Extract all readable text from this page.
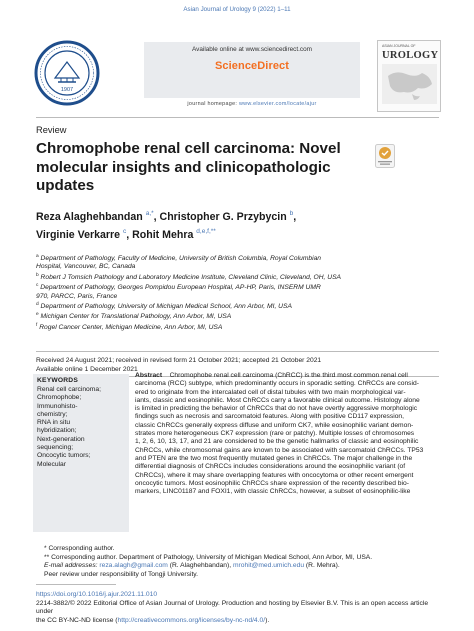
Asian Journal of Urology 9 (2022) 1–11
1907
Available online at www.sciencedirect.com
ScienceDirect
journal homepage: www.elsevier.com/locate/ajur
ASIAN JOURNAL OF
UROLOGY
Review
Chromophobe renal cell carcinoma: Novel
molecular insights and clinicopathologic
updates
Reza Alaghehbandan $^{a,*}$, Christopher G. Przybycin $^b$,
Virginie Verkarre $^c$, Rohit Mehra $^{d,e,f,**}$
$^a$ Department of Pathology, Faculty of Medicine, University of British Columbia, Royal Columbian
Hospital, Vancouver, BC, Canada
$^b$ Robert J Tomsich Pathology and Laboratory Medicine Institute, Cleveland Clinic, Cleveland, OH, USA
$^c$ Department of Pathology, Georges Pompidou European Hospital, AP-HP, Paris, INSERM UMR
970, PARCC, Paris, France
$^d$ Department of Pathology, University of Michigan Medical School, Ann Arbor, MI, USA
$^e$ Michigan Center for Translational Pathology, Ann Arbor, MI, USA
$^f$ Rogel Cancer Center, Michigan Medicine, Ann Arbor, MI, USA
Received 24 August 2021; received in revised form 21 October 2021; accepted 21 October 2021
Available online 1 December 2021
KEYWORDS
Renal cell carcinoma;
Chromophobe;
Immunohisto-
chemistry;
RNA in situ
hybridization;
Next-generation
sequencing;
Oncocytic tumors;
Molecular
Abstract Chromophobe renal cell carcinoma (ChRCC) is the third most common renal cell
carcinoma (RCC) subtype, which predominantly occurs in sporadic setting. ChRCCs are consid-
ered to originate from the intercalated cell of distal tubules with two main morphological var-
iants, classic and eosinophilic. Most ChRCCs carry a favorable clinical outcome. Histology alone
is limited in predicting the behavior of ChRCCs that do not have overtly aggressive morphologic
findings such as necrosis and sarcomatoid features. Along with positive CD117 expression,
classic ChRCCs generally express diffuse and uniform CK7, while eosinophilic variant demon-
strates more heterogeneous CK7 expression (rare or patchy). Multiple losses of chromosomes
1, 2, 6, 10, 13, 17, and 21 are considered to be the genetic hallmarks of classic and eosinophilic
ChRCCs, while chromosomal gains are known to be associated with sarcomatoid ChRCCs. TP53
and PTEN are the two most frequently mutated genes in ChRCCs. The major challenge in the
differential diagnosis of ChRCCs includes considerations around the eosinophilic variant (of
ChRCCs), where it may share overlapping features with oncocytoma or other recent emergent
oncocytic tumors. Most eosinophilic ChRCCs share expression of the recently described bio-
markers, LINC01187 and FOXI1, with classic ChRCCs, however, a subset of eosinophilic-like
* Corresponding author.
** Corresponding author. Department of Pathology, University of Michigan Medical School, Ann Arbor, MI, USA.
E-mail addresses: reza.alagh@gmail.com (R. Alaghehbandan), mrohit@med.umich.edu (R. Mehra).
Peer review under responsibility of Tongji University.
https://doi.org/10.1016/j.ajur.2021.11.010
2214-3882/© 2022 Editorial Office of Asian Journal of Urology. Production and hosting by Elsevier B.V. This is an open access article under
the CC BY-NC-ND license (http://creativecommons.org/licenses/by-nc-nd/4.0/).
